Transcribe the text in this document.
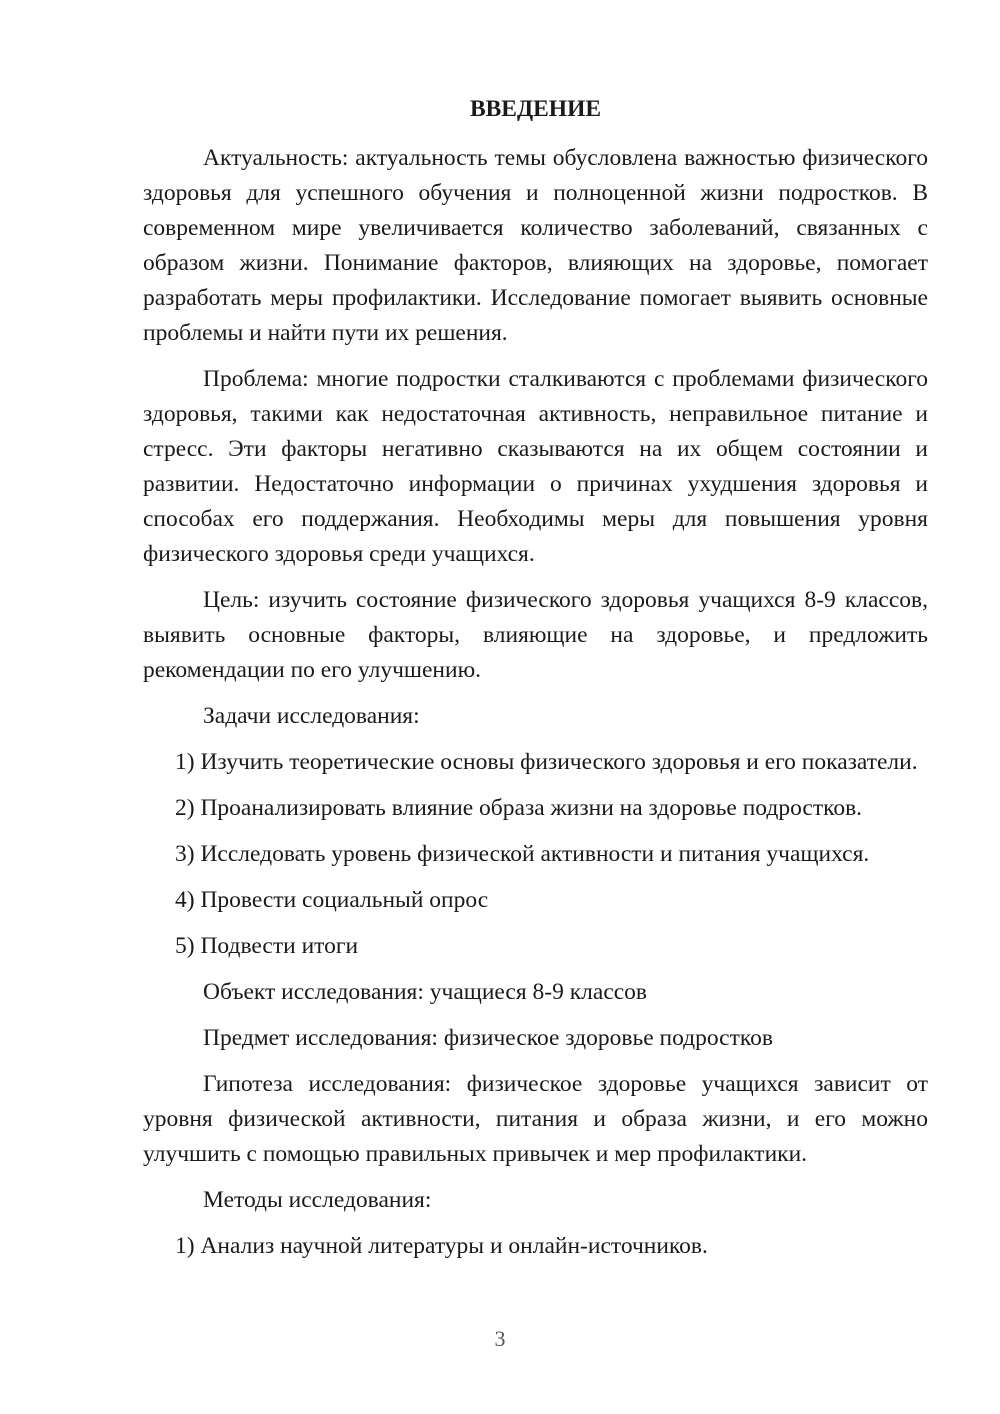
ВВЕДЕНИЕ

Актуальность: актуальность темы обусловлена важностью физического здоровья для успешного обучения и полноценной жизни подростков. В современном мире увеличивается количество заболеваний, связанных с образом жизни. Понимание факторов, влияющих на здоровье, помогает разработать меры профилактики. Исследование помогает выявить основные проблемы и найти пути их решения.

Проблема: многие подростки сталкиваются с проблемами физического здоровья, такими как недостаточная активность, неправильное питание и стресс. Эти факторы негативно сказываются на их общем состоянии и развитии. Недостаточно информации о причинах ухудшения здоровья и способах его поддержания. Необходимы меры для повышения уровня физического здоровья среди учащихся.

Цель: изучить состояние физического здоровья учащихся 8-9 классов, выявить основные факторы, влияющие на здоровье, и предложить рекомендации по его улучшению.

Задачи исследования:

1) Изучить теоретические основы физического здоровья и его показатели.

2) Проанализировать влияние образа жизни на здоровье подростков.

3) Исследовать уровень физической активности и питания учащихся.

4) Провести социальный опрос

5) Подвести итоги

Объект исследования: учащиеся 8-9 классов

Предмет исследования: физическое здоровье подростков

Гипотеза исследования: физическое здоровье учащихся зависит от уровня физической активности, питания и образа жизни, и его можно улучшить с помощью правильных привычек и мер профилактики.

Методы исследования:

1) Анализ научной литературы и онлайн-источников.

3
